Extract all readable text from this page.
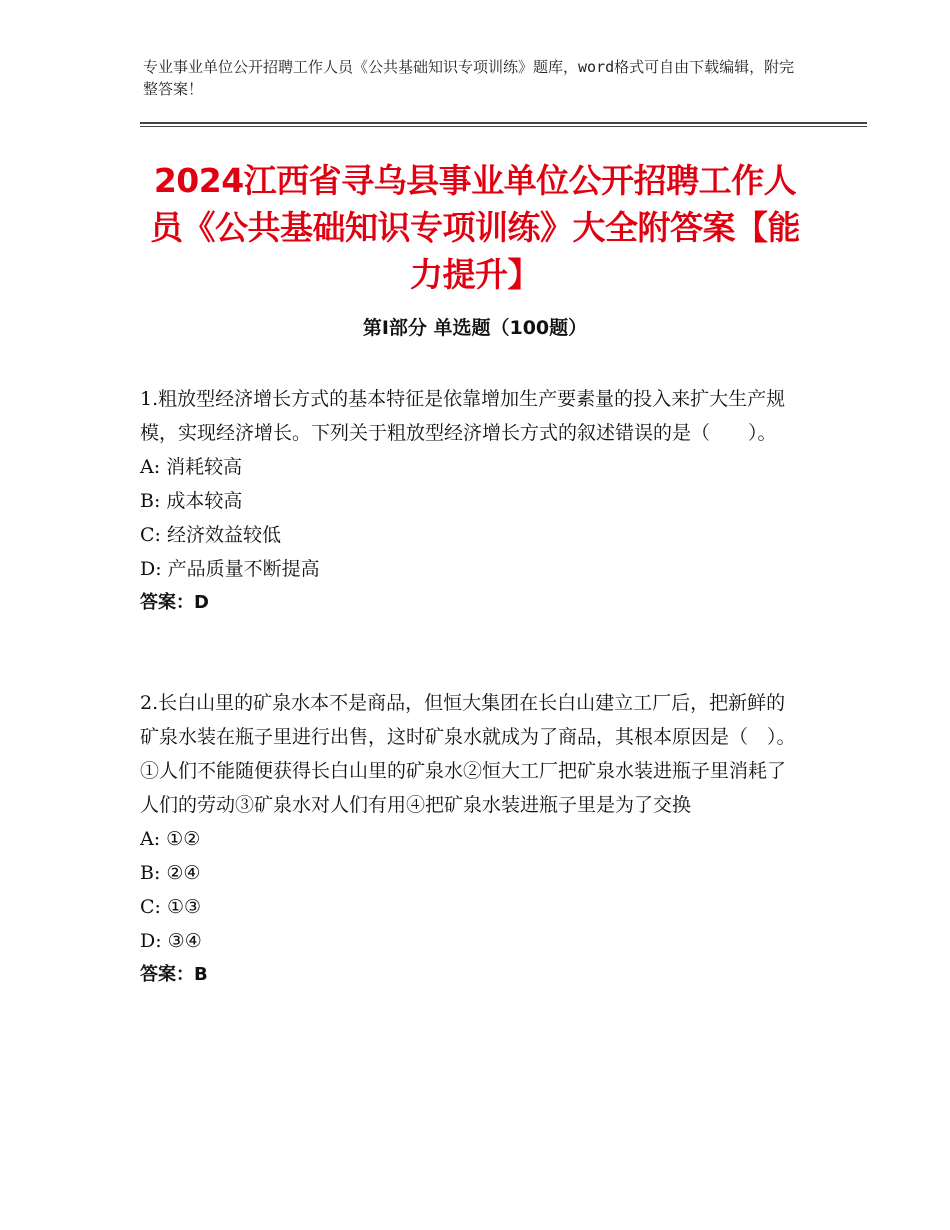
专业事业单位公开招聘工作人员《公共基础知识专项训练》题库，word格式可自由下载编辑，附完整答案！
2024江西省寻乌县事业单位公开招聘工作人员《公共基础知识专项训练》大全附答案【能力提升】
第I部分 单选题（100题）

1.粗放型经济增长方式的基本特征是依靠增加生产要素量的投入来扩大生产规模，实现经济增长。下列关于粗放型经济增长方式的叙述错误的是（　　）。

A: 消耗较高

B: 成本较高

C: 经济效益较低

D: 产品质量不断提高

答案：D

2.长白山里的矿泉水本不是商品，但恒大集团在长白山建立工厂后，把新鲜的矿泉水装在瓶子里进行出售，这时矿泉水就成为了商品，其根本原因是（　）。①人们不能随便获得长白山里的矿泉水②恒大工厂把矿泉水装进瓶子里消耗了人们的劳动③矿泉水对人们有用④把矿泉水装进瓶子里是为了交换

A: ①②

B: ②④

C: ①③

D: ③④

答案：B
